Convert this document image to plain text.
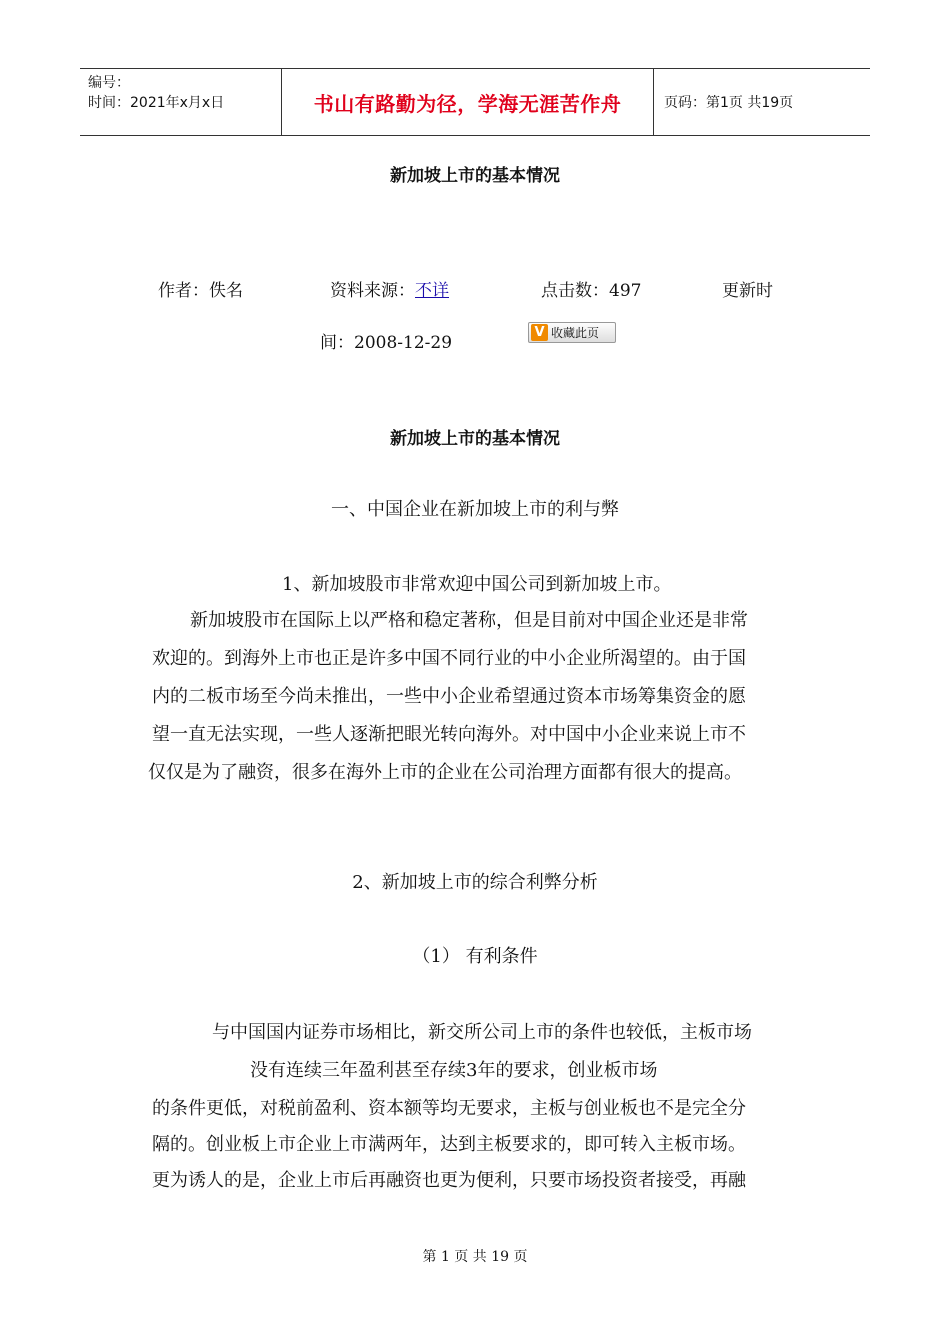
编号：
时间：2021年x月x日	书山有路勤为径，学海无涯苦作舟	页码：第1页 共19页
新加坡上市的基本情况
作者：佚名	资料来源：不详	点击数：497	更新时
间：2008-12-29
V 收藏此页
新加坡上市的基本情况
一、中国企业在新加坡上市的利与弊
1、新加坡股市非常欢迎中国公司到新加坡上市。
新加坡股市在国际上以严格和稳定著称，但是目前对中国企业还是非常
欢迎的。到海外上市也正是许多中国不同行业的中小企业所渴望的。由于国
内的二板市场至今尚未推出，一些中小企业希望通过资本市场筹集资金的愿
望一直无法实现，一些人逐渐把眼光转向海外。对中国中小企业来说上市不
仅仅是为了融资，很多在海外上市的企业在公司治理方面都有很大的提高。
2、新加坡上市的综合利弊分析
（1） 有利条件
与中国国内证券市场相比，新交所公司上市的条件也较低，主板市场
没有连续三年盈利甚至存续3年的要求，创业板市场
的条件更低，对税前盈利、资本额等均无要求，主板与创业板也不是完全分
隔的。创业板上市企业上市满两年，达到主板要求的，即可转入主板市场。
更为诱人的是，企业上市后再融资也更为便利，只要市场投资者接受，再融
第 1 页 共 19 页
